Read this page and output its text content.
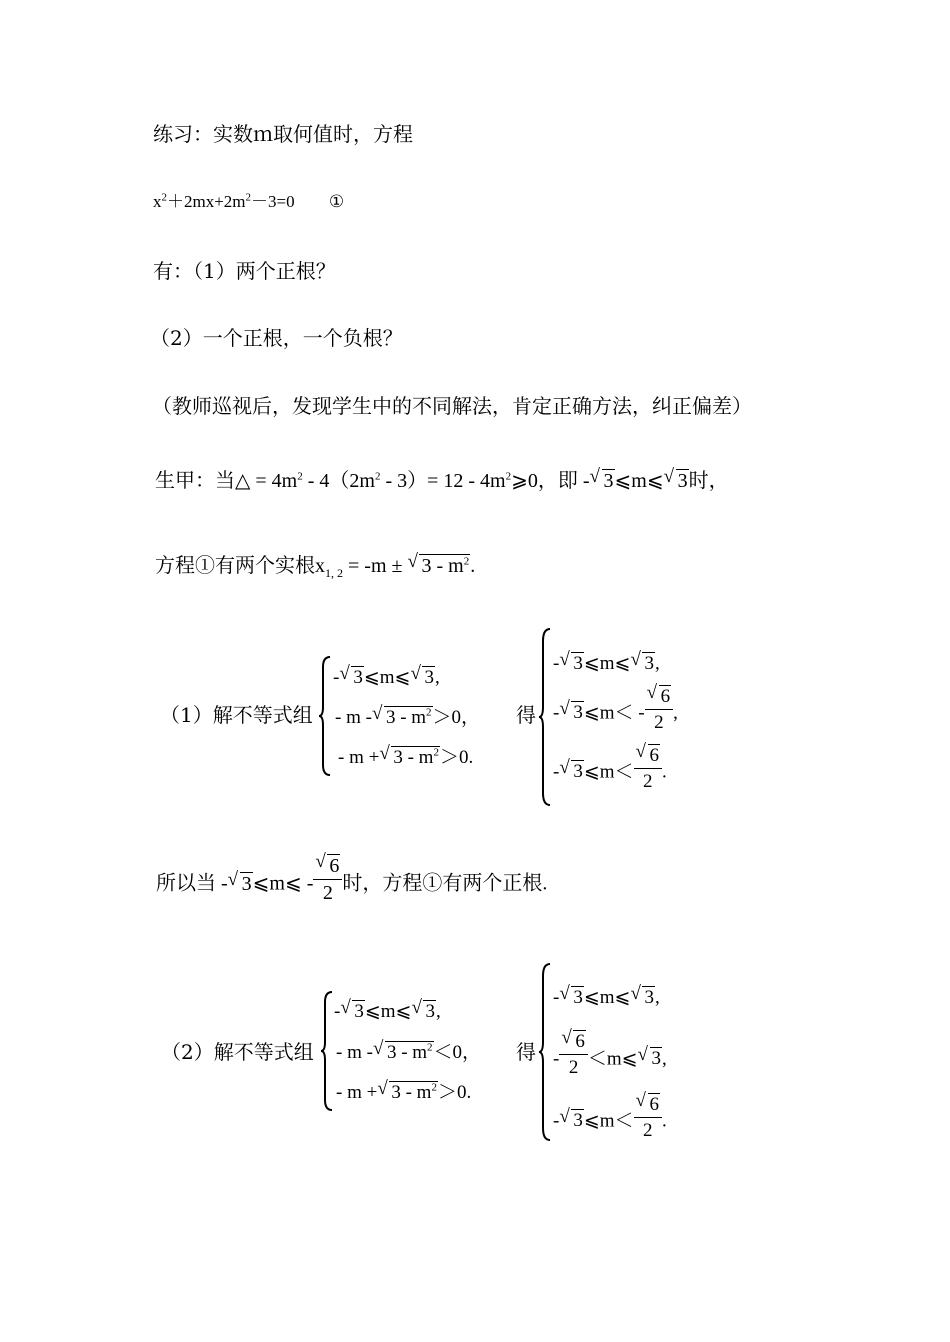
练习：实数ｍ取何值时，方程
$x^2+2mx+2m^2-3=0$ ①
有：（1）两个正根？
（2）一个正根，一个负根？
（教师巡视后，发现学生中的不同解法，肯定正确方法，纠正偏差）
生甲：当△ = $4m^2 - 4(2m^2 - 3)= 12$ - $4m^2⩾0$，即 - √ 3⩽m⩽ √ 3时，
方程①有两个实根$x_{1, 2} = -m$ ± √ $3 - m^2$.
（1）解不等式组
- √ 3⩽m⩽ √ 3,
- m - √ $3 - m^2>0$，
- m + √ $3 - m^2>0$.
得
- √ 3⩽m⩽ √ 3,
- √ 3⩽m＜ - √ $\frac{6}{2}$ ,
- √ 3⩽m＜ √ $\frac{6}{2}$ .
所以当 - √ 3⩽m⩽ - √ $\frac{6}{2}$ 时，方程①有两个正根.
（2）解不等式组
- √ 3⩽m⩽ √ 3,
- m - √ $3 - m^2<0$，
- m + √ $3 - m^2>0$.
得
- √ 3⩽m⩽ √ 3,
- √ $\frac{6}{2}$ ＜m⩽ √ 3,
- √ 3⩽m＜ √ $\frac{6}{2}$ .
